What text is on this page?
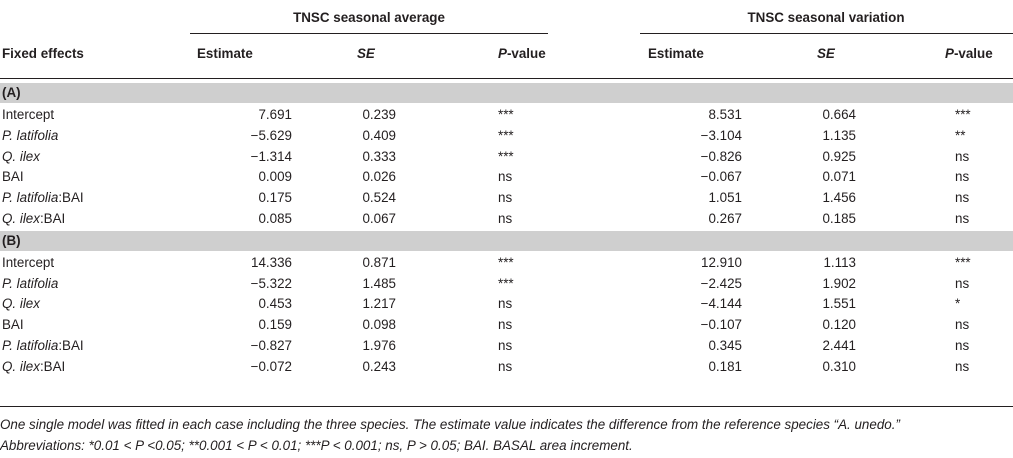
TNSC seasonal average	TNSC seasonal variation
Fixed effects	Estimate	SE	P-value	Estimate	SE	P-value
(A)
Intercept	7.691	0.239	***	8.531	0.664	***
P. latifolia	−5.629	0.409	***	−3.104	1.135	**
Q. ilex	−1.314	0.333	***	−0.826	0.925	ns
BAI	0.009	0.026	ns	−0.067	0.071	ns
P. latifolia:BAI	0.175	0.524	ns	1.051	1.456	ns
Q. ilex:BAI	0.085	0.067	ns	0.267	0.185	ns
(B)
Intercept	14.336	0.871	***	12.910	1.113	***
P. latifolia	−5.322	1.485	***	−2.425	1.902	ns
Q. ilex	0.453	1.217	ns	−4.144	1.551	*
BAI	0.159	0.098	ns	−0.107	0.120	ns
P. latifolia:BAI	−0.827	1.976	ns	0.345	2.441	ns
Q. ilex:BAI	−0.072	0.243	ns	0.181	0.310	ns
One single model was fitted in each case including the three species. The estimate value indicates the difference from the reference species “A. unedo.”
Abbreviations: *0.01 < P <0.05; **0.001 < P < 0.01; ***P < 0.001; ns, P > 0.05; BAI. BASAL area increment.
